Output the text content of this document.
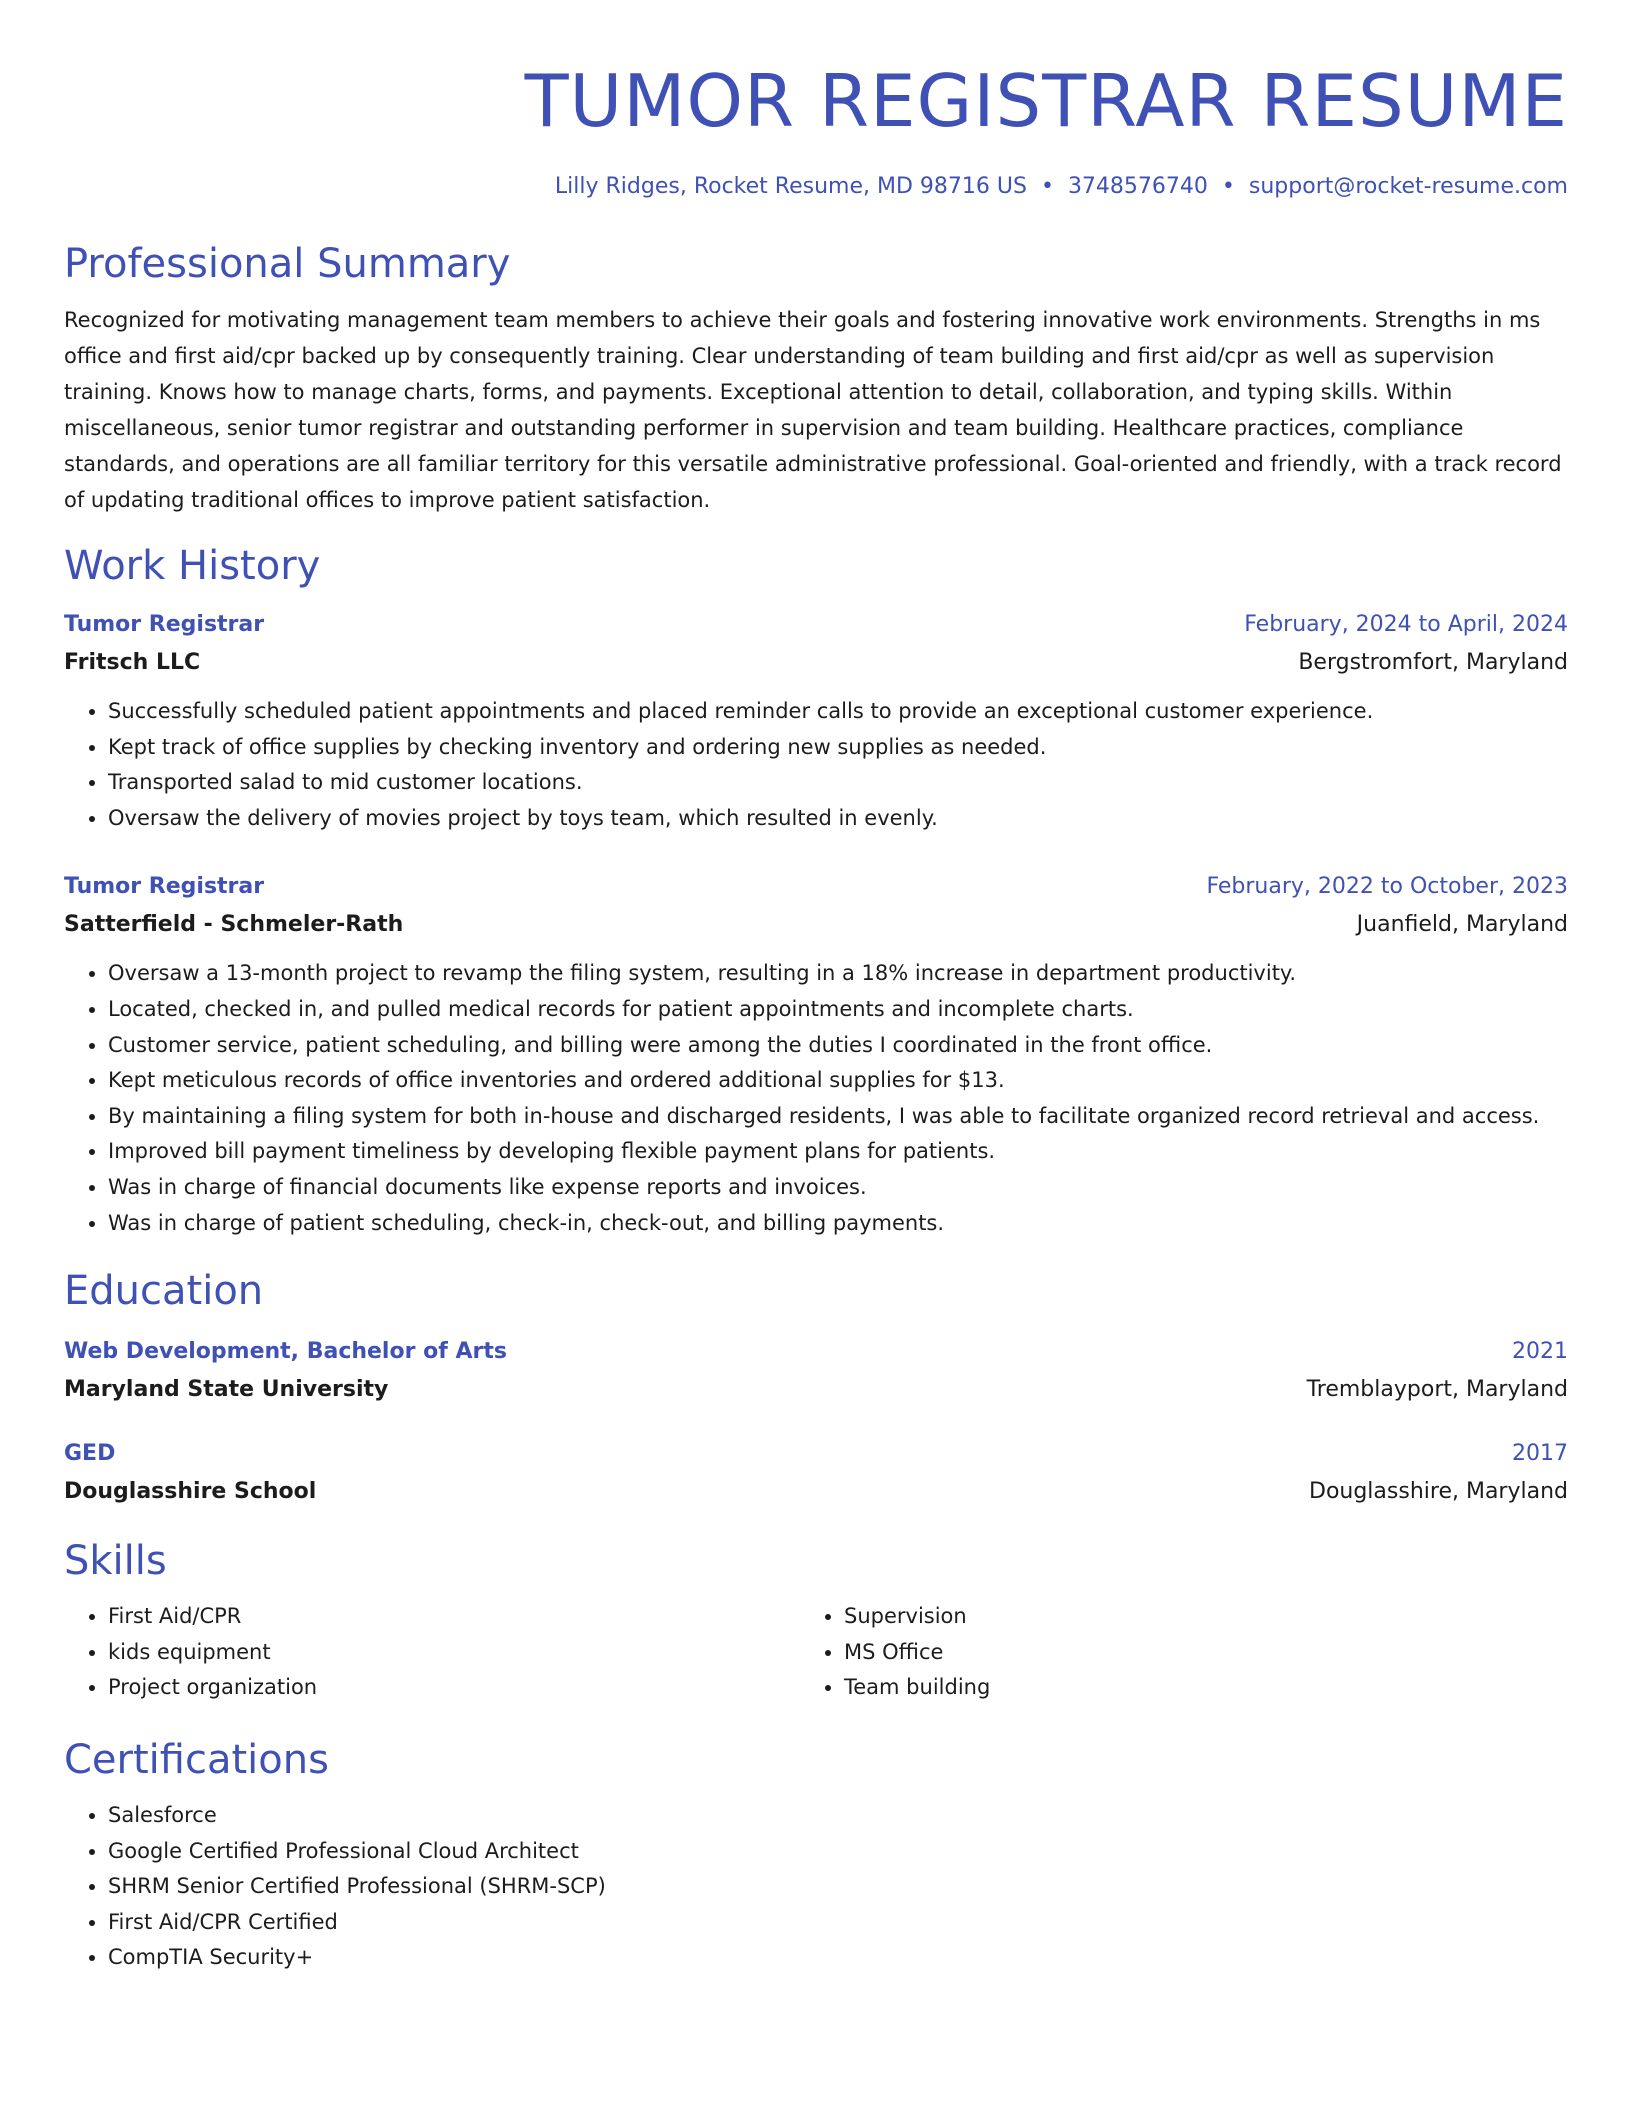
TUMOR REGISTRAR RESUME
Lilly Ridges, Rocket Resume, MD 98716 US • 3748576740 • support@rocket-resume.com
Professional Summary
Recognized for motivating management team members to achieve their goals and fostering innovative work environments. Strengths in ms office and first aid/cpr backed up by consequently training. Clear understanding of team building and first aid/cpr as well as supervision training. Knows how to manage charts, forms, and payments. Exceptional attention to detail, collaboration, and typing skills. Within miscellaneous, senior tumor registrar and outstanding performer in supervision and team building. Healthcare practices, compliance standards, and operations are all familiar territory for this versatile administrative professional. Goal-oriented and friendly, with a track record of updating traditional offices to improve patient satisfaction.
Work History
Tumor Registrar	February, 2024 to April, 2024
Fritsch LLC	Bergstromfort, Maryland
• Successfully scheduled patient appointments and placed reminder calls to provide an exceptional customer experience.
• Kept track of office supplies by checking inventory and ordering new supplies as needed.
• Transported salad to mid customer locations.
• Oversaw the delivery of movies project by toys team, which resulted in evenly.
Tumor Registrar	February, 2022 to October, 2023
Satterfield - Schmeler-Rath	Juanfield, Maryland
• Oversaw a 13-month project to revamp the filing system, resulting in a 18% increase in department productivity.
• Located, checked in, and pulled medical records for patient appointments and incomplete charts.
• Customer service, patient scheduling, and billing were among the duties I coordinated in the front office.
• Kept meticulous records of office inventories and ordered additional supplies for $13.
• By maintaining a filing system for both in-house and discharged residents, I was able to facilitate organized record retrieval and access.
• Improved bill payment timeliness by developing flexible payment plans for patients.
• Was in charge of financial documents like expense reports and invoices.
• Was in charge of patient scheduling, check-in, check-out, and billing payments.
Education
Web Development, Bachelor of Arts	2021
Maryland State University	Tremblayport, Maryland
GED	2017
Douglasshire School	Douglasshire, Maryland
Skills
• First Aid/CPR
• kids equipment
• Project organization
• Supervision
• MS Office
• Team building
Certifications
• Salesforce
• Google Certified Professional Cloud Architect
• SHRM Senior Certified Professional (SHRM-SCP)
• First Aid/CPR Certified
• CompTIA Security+
